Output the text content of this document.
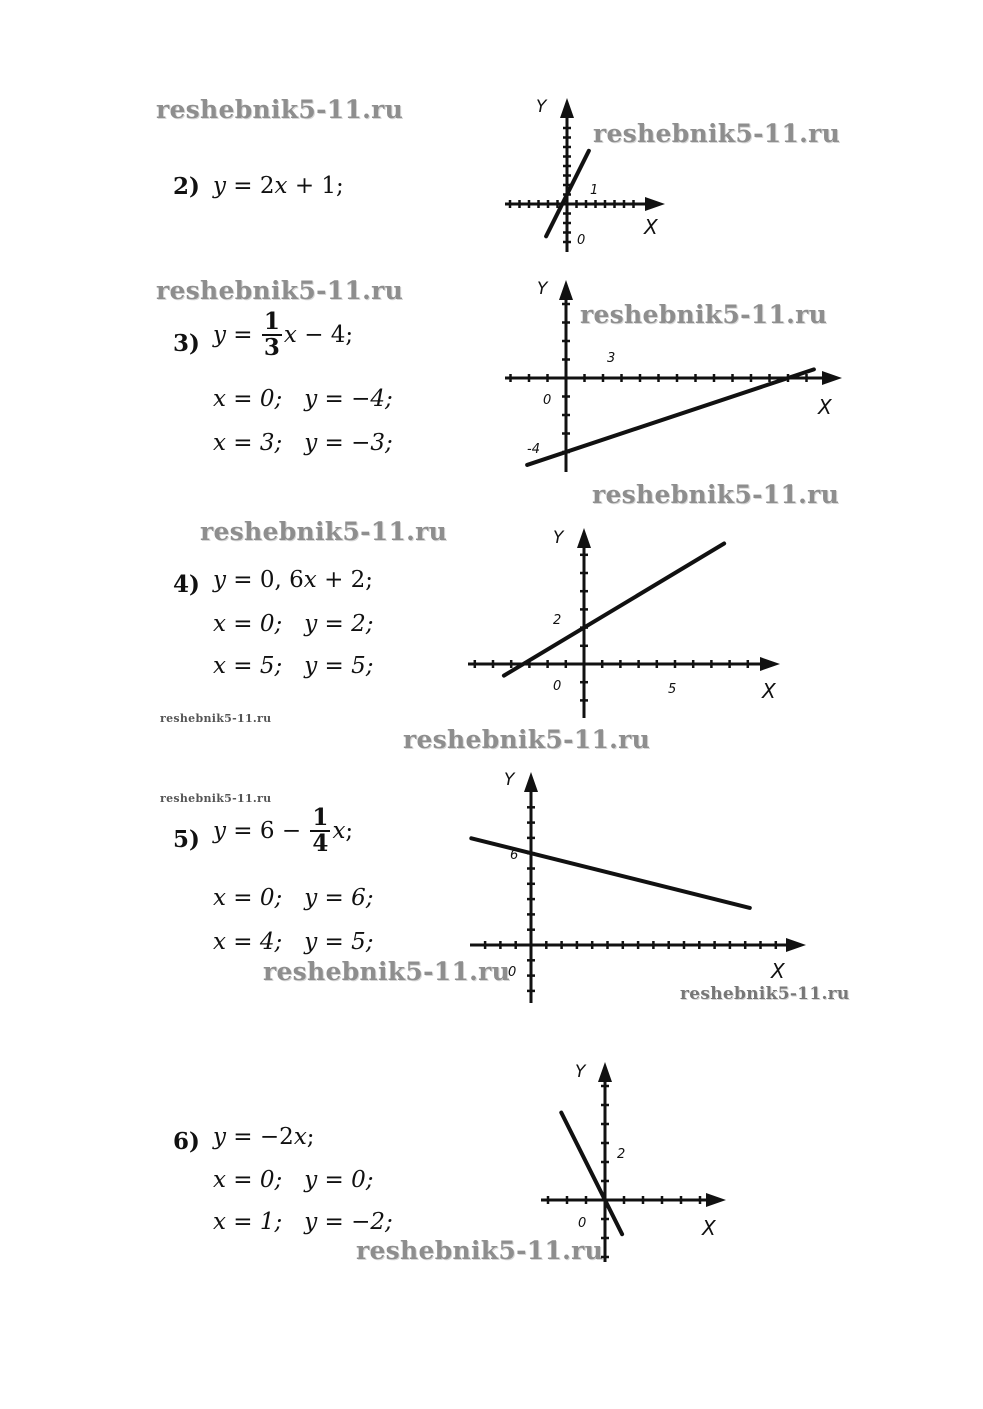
reshebnik5-11.ru
reshebnik5-11.ru
reshebnik5-11.ru
reshebnik5-11.ru
reshebnik5-11.ru
reshebnik5-11.ru
reshebnik5-11.ru
reshebnik5-11.ru
reshebnik5-11.ru
reshebnik5-11.ru
reshebnik5-11.ru
reshebnik5-11.ru
2) y = 2x + 1;
3) $y = \frac{1}{3}$ x − 4;
x = 0; y = −4;
x = 3; y = −3;
4) y = 0, 6x + 2;
x = 0; y = 2;
x = 5; y = 5;
5) $y = 6 - \frac{1}{4} x$;
x = 0; y = 6;
x = 4; y = 5;
6) y = −2x;
x = 0; y = 0;
x = 1; y = −2;
Y
X
1
0
Y
X
3
0
-4
Y
X
2
0	5
Y
X
6
0
Y
X
2
0
